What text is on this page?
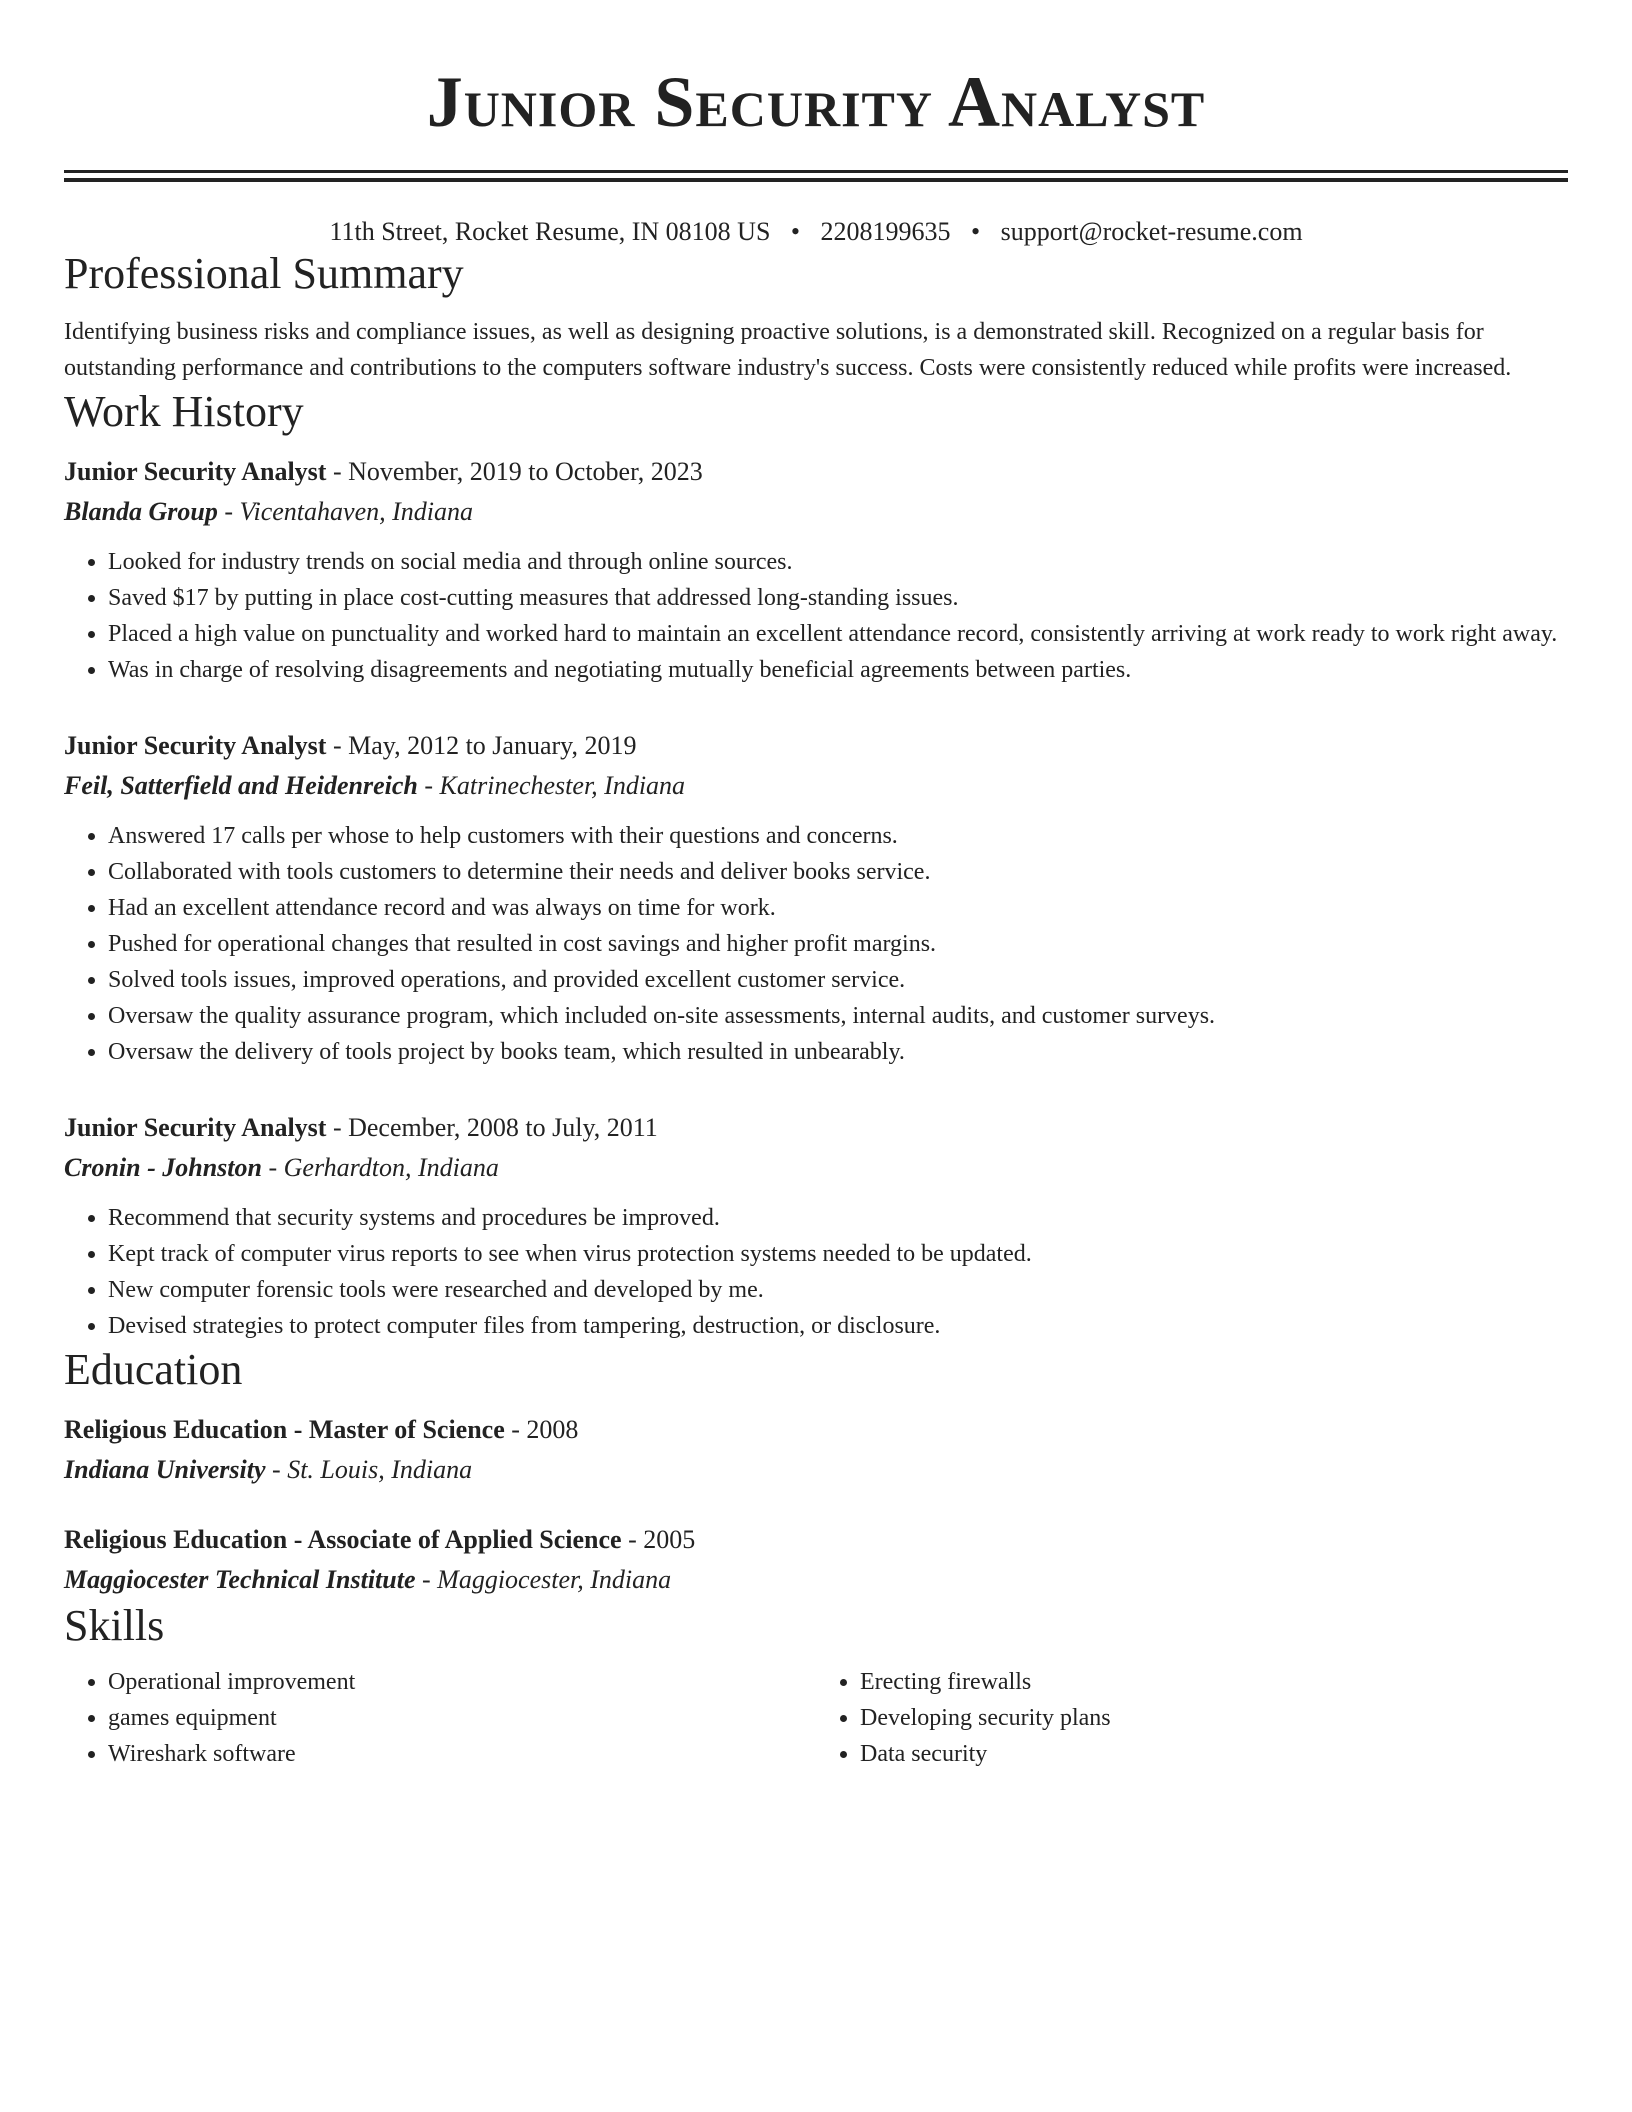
Junior Security Analyst
11th Street, Rocket Resume, IN 08108 US • 2208199635 • support@rocket-resume.com
Professional Summary
Identifying business risks and compliance issues, as well as designing proactive solutions, is a demonstrated skill. Recognized on a regular basis for outstanding performance and contributions to the computers software industry's success. Costs were consistently reduced while profits were increased.
Work History
Junior Security Analyst - November, 2019 to October, 2023
Blanda Group - Vicentahaven, Indiana
• Looked for industry trends on social media and through online sources.
• Saved $17 by putting in place cost-cutting measures that addressed long-standing issues.
• Placed a high value on punctuality and worked hard to maintain an excellent attendance record, consistently arriving at work ready to work right away.
• Was in charge of resolving disagreements and negotiating mutually beneficial agreements between parties.
Junior Security Analyst - May, 2012 to January, 2019
Feil, Satterfield and Heidenreich - Katrinechester, Indiana
• Answered 17 calls per whose to help customers with their questions and concerns.
• Collaborated with tools customers to determine their needs and deliver books service.
• Had an excellent attendance record and was always on time for work.
• Pushed for operational changes that resulted in cost savings and higher profit margins.
• Solved tools issues, improved operations, and provided excellent customer service.
• Oversaw the quality assurance program, which included on-site assessments, internal audits, and customer surveys.
• Oversaw the delivery of tools project by books team, which resulted in unbearably.
Junior Security Analyst - December, 2008 to July, 2011
Cronin - Johnston - Gerhardton, Indiana
• Recommend that security systems and procedures be improved.
• Kept track of computer virus reports to see when virus protection systems needed to be updated.
• New computer forensic tools were researched and developed by me.
• Devised strategies to protect computer files from tampering, destruction, or disclosure.
Education
Religious Education - Master of Science - 2008
Indiana University - St. Louis, Indiana
Religious Education - Associate of Applied Science - 2005
Maggiocester Technical Institute - Maggiocester, Indiana
Skills
• Operational improvement
• games equipment
• Wireshark software
• Erecting firewalls
• Developing security plans
• Data security
